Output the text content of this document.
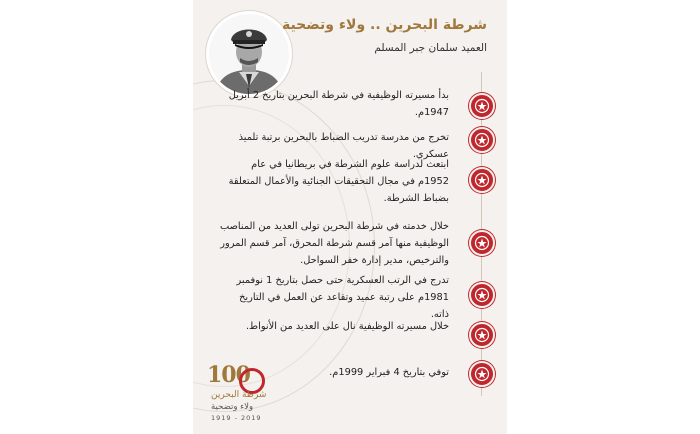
شرطة البحرين .. ولاء وتضحية
العميد سلمان جبر المسلم
بدأ مسيرته الوظيفية في شرطة البحرين بتاريخ 2 أبريل 1947م.
تخرج من مدرسة تدريب الضباط بالبحرين برتبة تلميذ عسكري.
ابتعث لدراسة علوم الشرطة في بريطانيا في عام 1952م في مجال التحقيقات الجنائية والأعمال المتعلقة بضباط الشرطة.
خلال خدمته في شرطة البحرين تولى العديد من المناصب الوظيفية منها آمر قسم شرطة المحرق، آمر قسم المرور والترخيص، مدير إدارة خفر السواحل.
تدرج في الرتب العسكرية حتى حصل بتاريخ 1 نوفمبر 1981م على رتبة عميد وتقاعد عن العمل في التاريخ ذاته.
خلال مسيرته الوظيفية نال على العديد من الأنواط.
توفي بتاريخ 4 فبراير 1999م.
100
شرطة البحرين
ولاء وتضحية
1919 - 2019
